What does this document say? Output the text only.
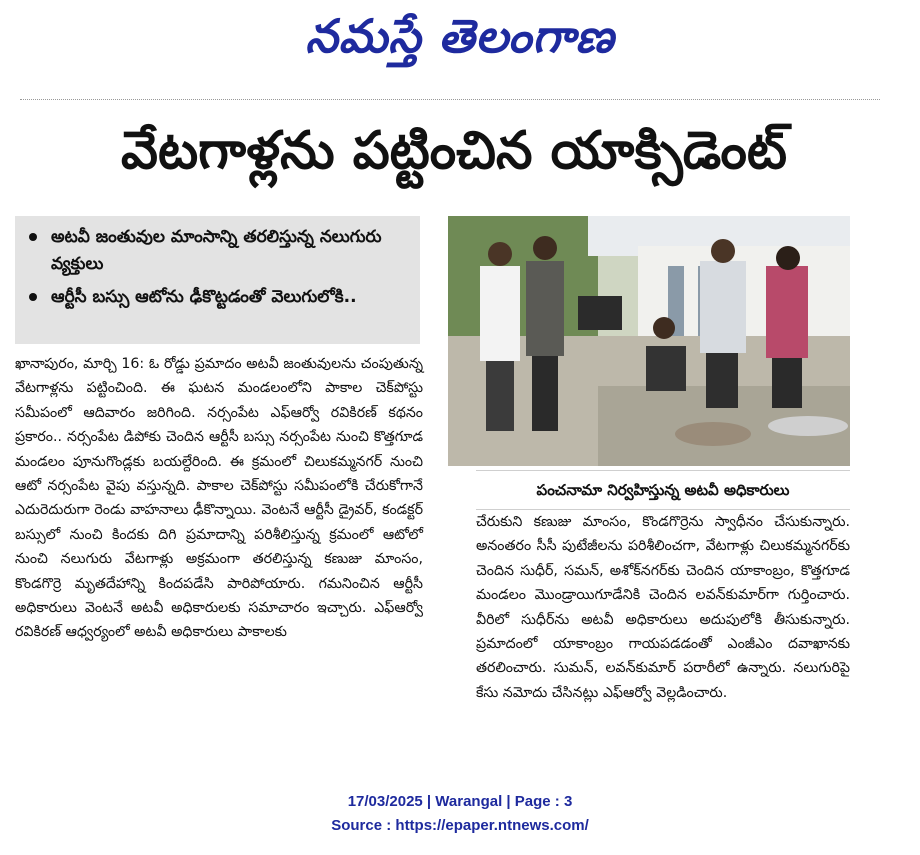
నమస్తే తెలంగాణ
వేటగాళ్లను పట్టించిన యాక్సిడెంట్
అటవీ జంతువుల మాంసాన్ని తరలిస్తున్న నలుగురు వ్యక్తులు
ఆర్టీసీ బస్సు ఆటోను ఢీకొట్టడంతో వెలుగులోకి..
ఖానాపురం, మార్చి 16: ఓ రోడ్డు ప్రమాదం అటవీ జంతువులను చంపుతున్న వేటగాళ్లను పట్టించింది. ఈ ఘటన మండలంలోని పాకాల చెక్‌పోస్టు సమీపంలో ఆదివారం జరిగింది. నర్సంపేట ఎఫ్‌ఆర్వో రవికిరణ్ కథనం ప్రకారం.. నర్సంపేట డిపోకు చెందిన ఆర్టీసీ బస్సు నర్సంపేట నుంచి కొత్తగూడ మండలం పూనుగొండ్లకు బయల్దేరింది. ఈ క్రమంలో చిలుకమ్మనగర్ నుంచి ఆటో నర్సంపేట వైపు వస్తున్నది. పాకాల చెక్‌పోస్టు సమీపంలోకి చేరుకోగానే ఎదురెదురుగా రెండు వాహనాలు ఢీకొన్నాయి. వెంటనే ఆర్టీసీ డ్రైవర్, కండక్టర్ బస్సులో నుంచి కిందకు దిగి ప్రమాదాన్ని పరిశీలిస్తున్న క్రమంలో ఆటోలో నుంచి నలుగురు వేటగాళ్లు అక్రమంగా తరలిస్తున్న కణుజు మాంసం, కొండగొర్రె మృతదేహాన్ని కిందపడేసి పారిపోయారు. గమనించిన ఆర్టీసీ అధికారులు వెంటనే అటవీ అధికారులకు సమాచారం ఇచ్చారు. ఎఫ్‌ఆర్వో రవికిరణ్ ఆధ్వర్యంలో అటవీ అధికారులు పాకాలకు
పంచనామా నిర్వహిస్తున్న అటవీ అధికారులు
చేరుకుని కణుజు మాంసం, కొండగొర్రెను స్వాధీనం చేసుకున్నారు. అనంతరం సీసీ పుటేజీలను పరిశీలించగా, వేటగాళ్లు చిలుకమ్మనగర్‌కు చెందిన సుధీర్, సమన్, అశోక్‌నగర్‌కు చెందిన యాకాంబ్రం, కొత్తగూడ మండలం మొండ్రాయిగూడేనికి చెందిన లవన్‌కుమార్‌గా గుర్తించారు. వీరిలో సుధీర్‌ను అటవీ అధికారులు అదుపులోకి తీసుకున్నారు. ప్రమాదంలో యాకాంబ్రం గాయపడడంతో ఎంజీఎం దవాఖానకు తరలించారు. సుమన్, లవన్‌కుమార్ పరారీలో ఉన్నారు. నలుగురిపై కేసు నమోదు చేసినట్లు ఎఫ్‌ఆర్వో వెల్లడించారు.
17/03/2025 | Warangal | Page : 3
Source : https://epaper.ntnews.com/
